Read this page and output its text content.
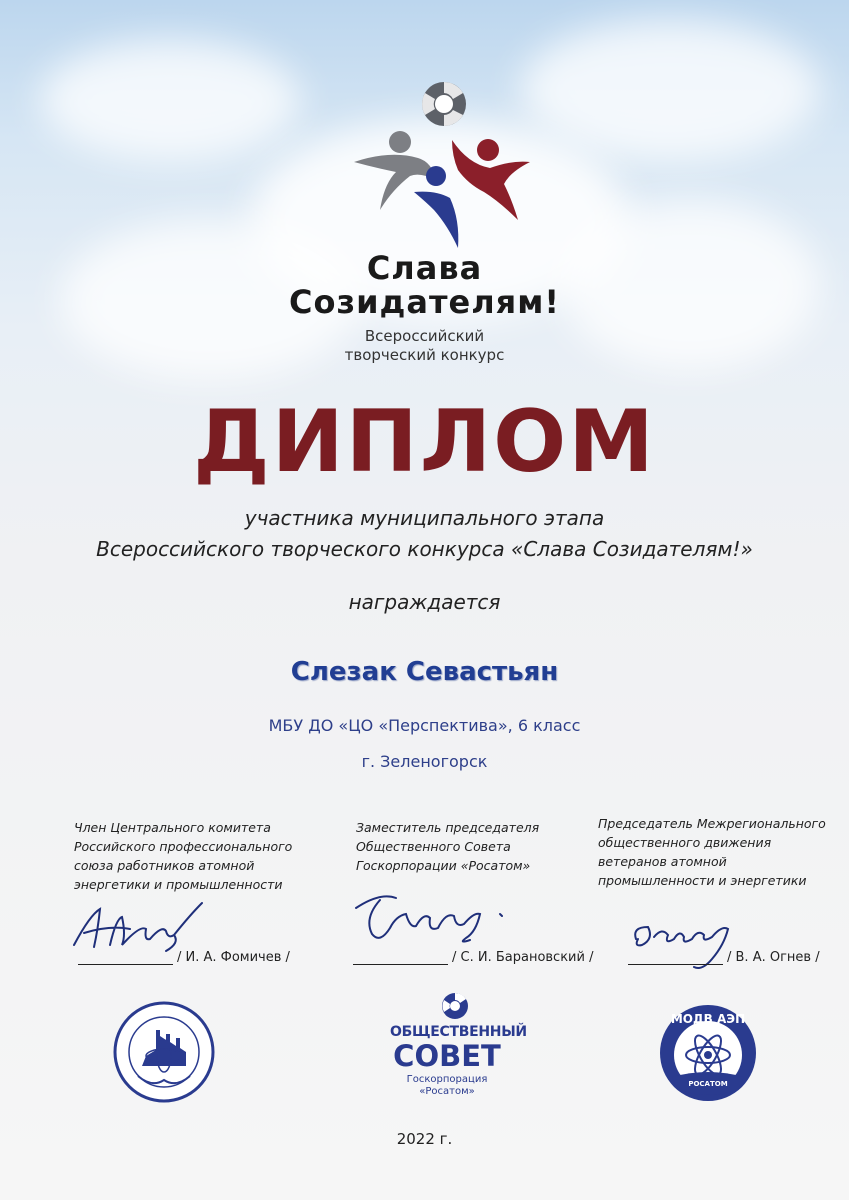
Слава
Созидателям!
Всероссийский
творческий конкурс
ДИПЛОМ
участника муниципального этапа
Всероссийского творческого конкурса «Слава Созидателям!»
награждается
Слезак Севастьян
МБУ ДО «ЦО «Перспектива», 6 класс
г. Зеленогорск
Член Центрального комитета
Российского профессионального
союза работников атомной
энергетики и промышленности
Заместитель председателя
Общественного Совета
Госкорпорации «Росатом»
Председатель Межрегионального
общественного движения
ветеранов атомной
промышленности и энергетики
/ И. А. Фомичев /	/ С. И. Барановский /	/ В. А. Огнев /
ОБЩЕСТВЕННЫЙ
СОВЕТ
Госкорпорация
«Росатом»
МОДВ АЭП
РОСАТОМ
2022 г.
